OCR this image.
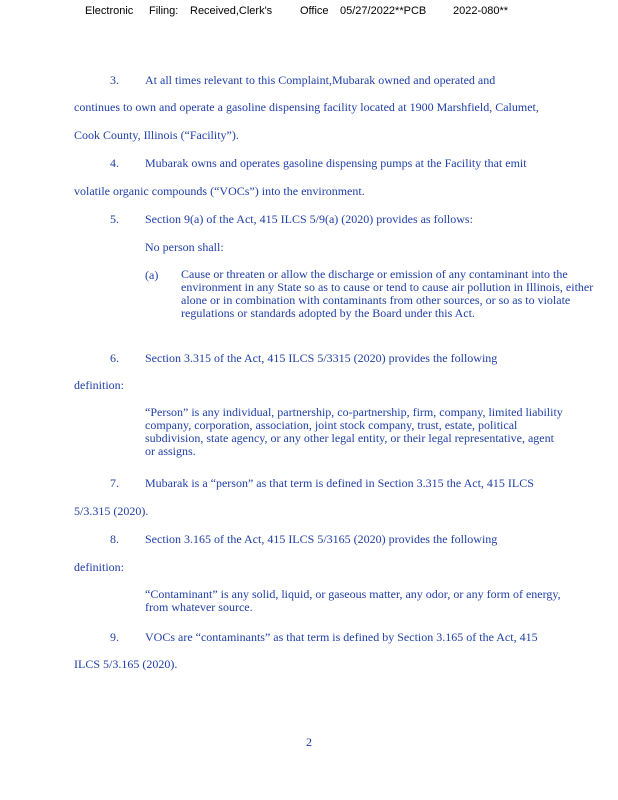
Electronic Filing: Received,Clerk's	Office 05/27/2022**PCB 2022-080**
3. At all times relevant to this Complaint,Mubarak owned and operated and
continues to own and operate a gasoline dispensing facility located at 1900 Marshfield, Calumet,
Cook County, Illinois (“Facility”).
4. Mubarak owns and operates gasoline dispensing pumps at the Facility that emit
volatile organic compounds (“VOCs”) into the environment.
5. Section 9(a) of the Act, 415 ILCS 5/9(a) (2020) provides as follows:
No person shall:
(a) Cause or threaten or allow the discharge or emission of any contaminant into the environment in any State so as to cause or tend to cause air pollution in Illinois, either alone or in combination with contaminants from other sources, or so as to violate regulations or standards adopted by the Board under this Act.
6. Section 3.315 of the Act, 415 ILCS 5/3315 (2020) provides the following
definition:
“Person” is any individual, partnership, co-partnership, firm, company, limited liability company, corporation, association, joint stock company, trust, estate, political subdivision, state agency, or any other legal entity, or their legal representative, agent or assigns.
7. Mubarak is a “person” as that term is defined in Section 3.315 the Act, 415 ILCS
5/3.315 (2020).
8. Section 3.165 of the Act, 415 ILCS 5/3165 (2020) provides the following
definition:
“Contaminant” is any solid, liquid, or gaseous matter, any odor, or any form of energy, from whatever source.
9. VOCs are “contaminants” as that term is defined by Section 3.165 of the Act, 415
ILCS 5/3.165 (2020).
2
